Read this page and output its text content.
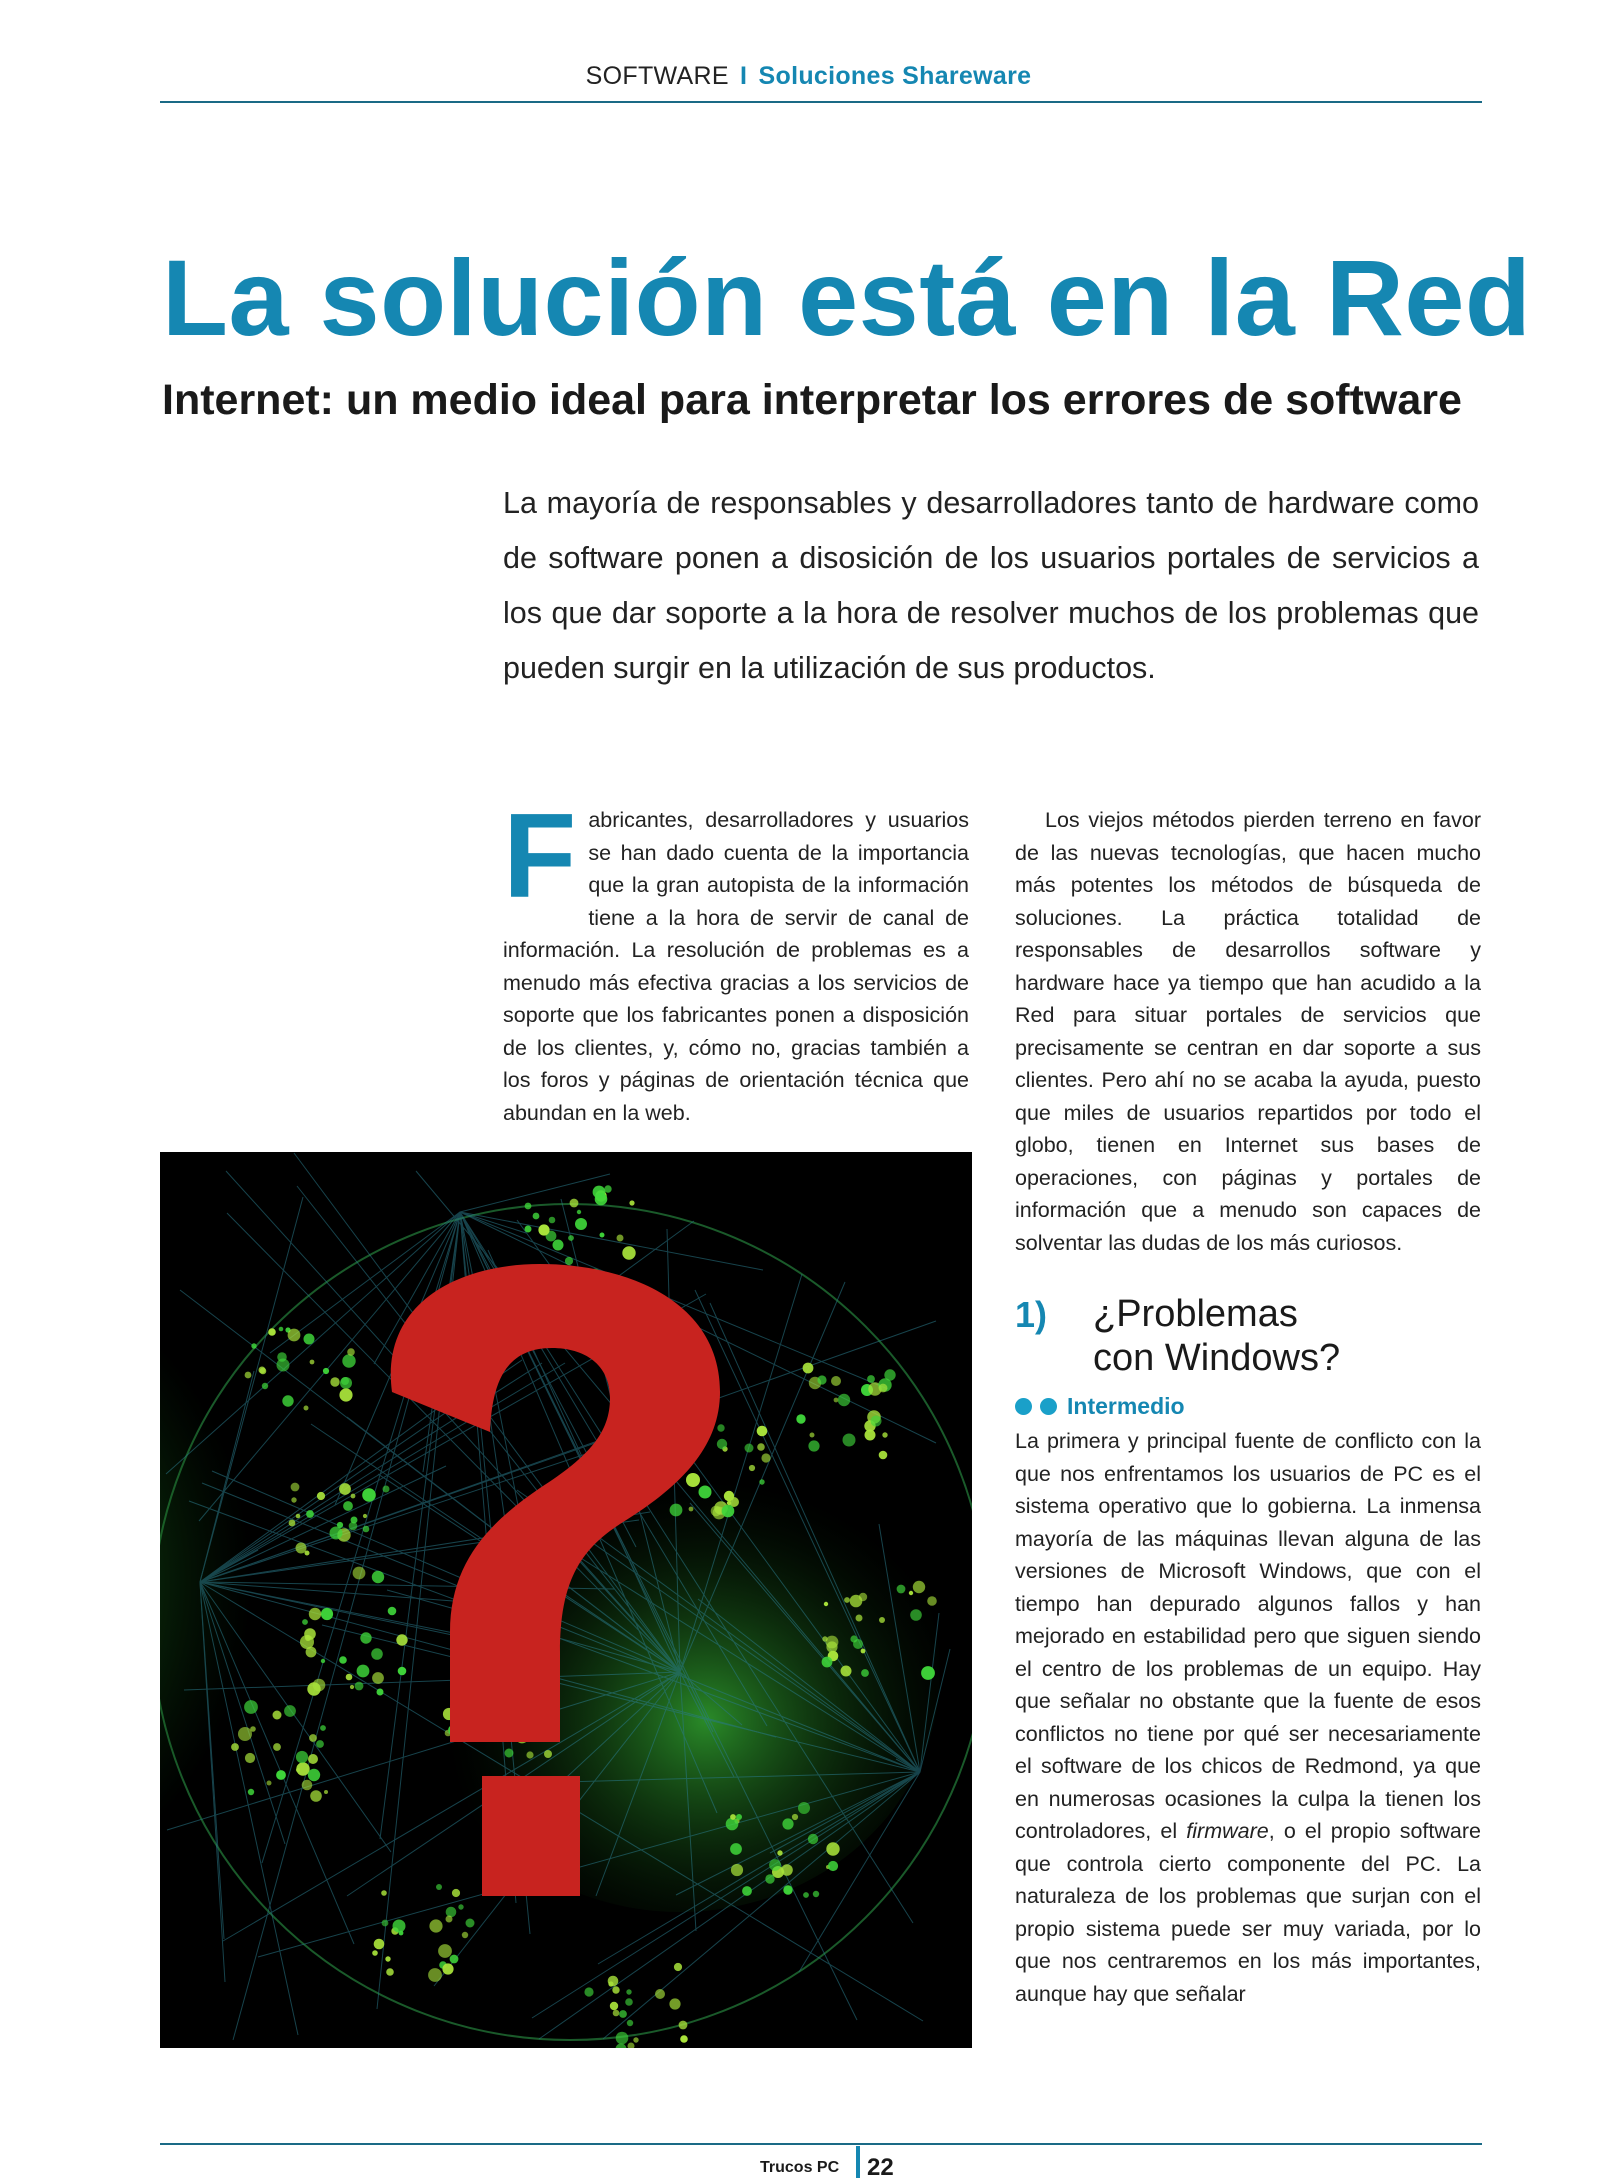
SOFTWARE I Soluciones Shareware
La solución está en la Red
Internet: un medio ideal para interpretar los errores de software

La mayoría de responsables y desarrolladores tanto de hardware como de software ponen a disosición de los usuarios portales de servicios a los que dar soporte a la hora de resolver muchos de los problemas que pueden surgir en la utilización de sus productos.

Fabricantes, desarrolladores y usuarios se han dado cuenta de la importancia que la gran autopista de la información tiene a la hora de servir de canal de información. La resolución de problemas es a menudo más efectiva gracias a los servicios de soporte que los fabricantes ponen a disposición de los clientes, y, cómo no, gracias también a los foros y páginas de orientación técnica que abundan en la web.

Los viejos métodos pierden terreno en favor de las nuevas tecnologías, que hacen mucho más potentes los métodos de búsqueda de soluciones. La práctica totalidad de responsables de desarrollos software y hardware hace ya tiempo que han acudido a la Red para situar portales de servicios que precisamente se centran en dar soporte a sus clientes. Pero ahí no se acaba la ayuda, puesto que miles de usuarios repartidos por todo el globo, tienen en Internet sus bases de operaciones, con páginas y portales de información que a menudo son capaces de solventar las dudas de los más curiosos.

1) ¿Problemas
con Windows?
Intermedio

La primera y principal fuente de conflicto con la que nos enfrentamos los usuarios de PC es el sistema operativo que lo gobierna. La inmensa mayoría de las máquinas llevan alguna de las versiones de Microsoft Windows, que con el tiempo han depurado algunos fallos y han mejorado en estabilidad pero que siguen siendo el centro de los problemas de un equipo. Hay que señalar no obstante que la fuente de esos conflictos no tiene por qué ser necesariamente el software de los chicos de Redmond, ya que en numerosas ocasiones la culpa la tienen los controladores, el firmware, o el propio software que controla cierto componente del PC. La naturaleza de los problemas que surjan con el propio sistema puede ser muy variada, por lo que nos centraremos en los más importantes, aunque hay que señalar

Trucos PC 22
